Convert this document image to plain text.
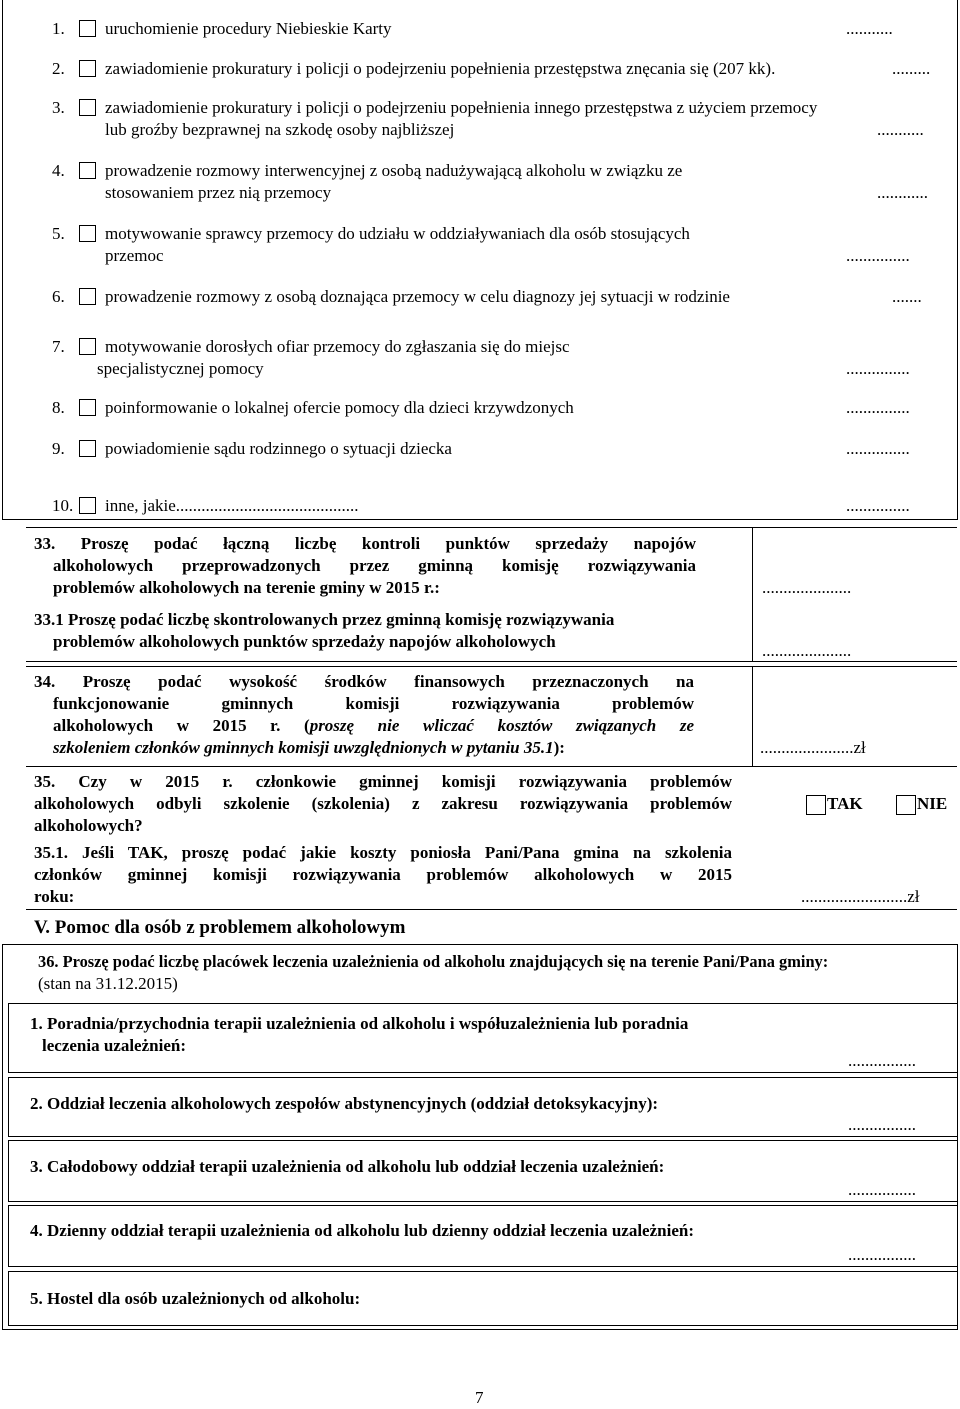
1. uruchomienie procedury Niebieskie Karty	...........
2. zawiadomienie prokuratury i policji o podejrzeniu popełnienia przestępstwa znęcania się (207 kk).	.........
3. zawiadomienie prokuratury i policji o podejrzeniu popełnienia innego przestępstwa z użyciem przemocy
lub groźby bezprawnej na szkodę osoby najbliższej	...........
4. prowadzenie rozmowy interwencyjnej z osobą nadużywającą alkoholu w związku ze
stosowaniem przez nią przemocy	............
5. motywowanie sprawcy przemocy do udziału w oddziaływaniach dla osób stosujących
przemoc	...............
6. prowadzenie rozmowy z osobą doznająca przemocy w celu diagnozy jej sytuacji w rodzinie	.......
7. motywowanie dorosłych ofiar przemocy do zgłaszania się do miejsc
specjalistycznej pomocy	...............
8. poinformowanie o lokalnej ofercie pomocy dla dzieci krzywdzonych	...............
9. powiadomienie sądu rodzinnego o sytuacji dziecka	...............
10. inne, jakie...........................................	...............
33. Proszę podać łączną liczbę kontroli punktów sprzedaży napojów
alkoholowych przeprowadzonych przez gminną komisję rozwiązywania
problemów alkoholowych na terenie gminy w 2015 r.:	.....................
33.1 Proszę podać liczbę skontrolowanych przez gminną komisję rozwiązywania
problemów alkoholowych punktów sprzedaży napojów alkoholowych	.....................
34. Proszę podać wysokość środków finansowych przeznaczonych na
funkcjonowanie gminnych komisji rozwiązywania problemów
alkoholowych w 2015 r. (proszę nie wliczać kosztów związanych ze
szkoleniem członków gminnych komisji uwzględnionych w pytaniu 35.1):	......................zł
35. Czy w 2015 r. członkowie gminnej komisji rozwiązywania problemów
alkoholowych odbyli szkolenie (szkolenia) z zakresu rozwiązywania problemów
alkoholowych?
TAK	NIE
35.1. Jeśli TAK, proszę podać jakie koszty poniosła Pani/Pana gmina na szkolenia
członków gminnej komisji rozwiązywania problemów alkoholowych w 2015
roku:	.........................zł
V. Pomoc dla osób z problemem alkoholowym
36. Proszę podać liczbę placówek leczenia uzależnienia od alkoholu znajdujących się na terenie Pani/Pana gminy:
(stan na 31.12.2015)
1. Poradnia/przychodnia terapii uzależnienia od alkoholu i współuzależnienia lub poradnia
leczenia uzależnień:
................
2. Oddział leczenia alkoholowych zespołów abstynencyjnych (oddział detoksykacyjny):
................
3. Całodobowy oddział terapii uzależnienia od alkoholu lub oddział leczenia uzależnień:
................
4. Dzienny oddział terapii uzależnienia od alkoholu lub dzienny oddział leczenia uzależnień:
................
5. Hostel dla osób uzależnionych od alkoholu:
7
